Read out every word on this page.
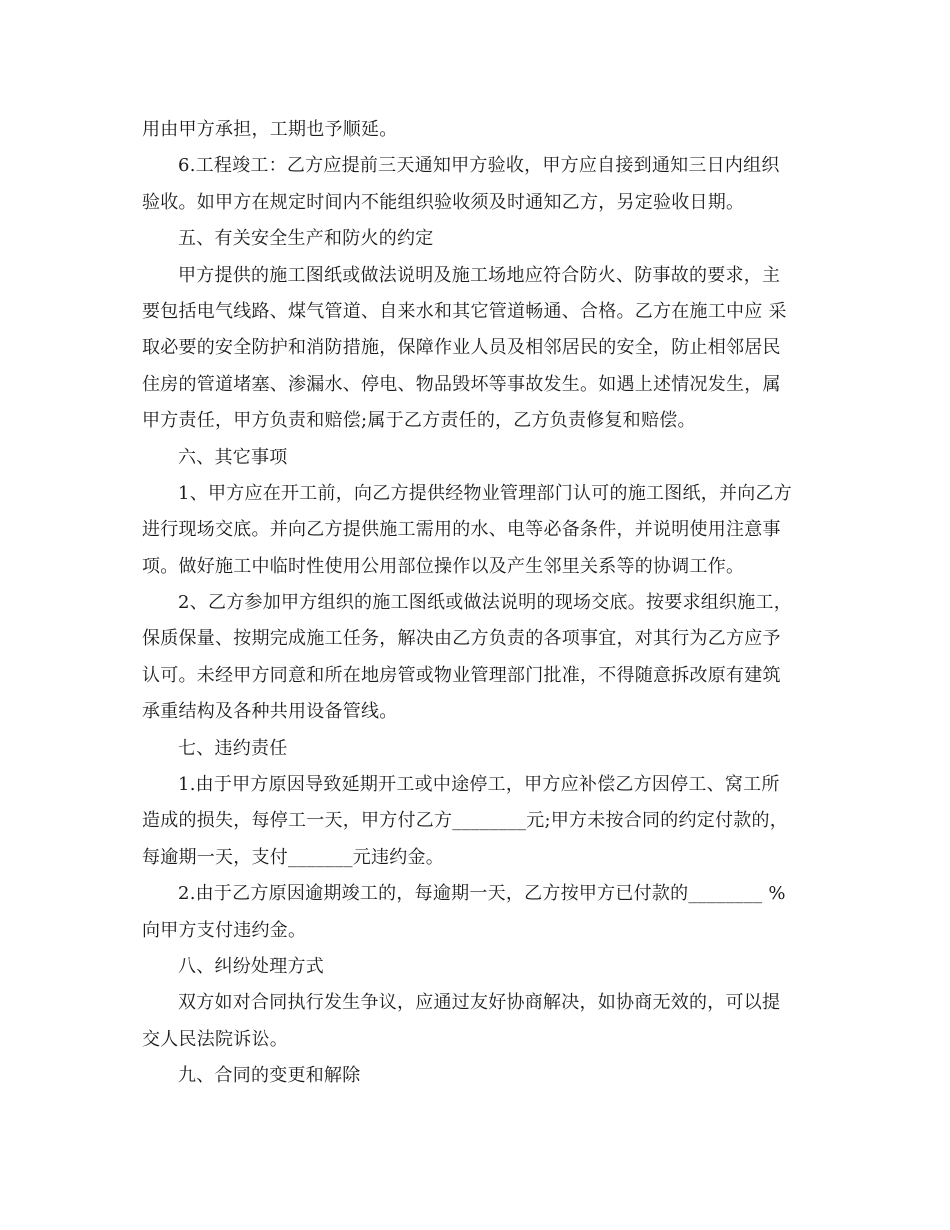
用由甲方承担，工期也予顺延。
6.工程竣工：乙方应提前三天通知甲方验收，甲方应自接到通知三日内组织
验收。如甲方在规定时间内不能组织验收须及时通知乙方，另定验收日期。
五、有关安全生产和防火的约定
甲方提供的施工图纸或做法说明及施工场地应符合防火、防事故的要求，主
要包括电气线路、煤气管道、自来水和其它管道畅通、合格。乙方在施工中应 采
取必要的安全防护和消防措施，保障作业人员及相邻居民的安全，防止相邻居民
住房的管道堵塞、渗漏水、停电、物品毁坏等事故发生。如遇上述情况发生，属
甲方责任，甲方负责和赔偿;属于乙方责任的，乙方负责修复和赔偿。
六、其它事项
1、甲方应在开工前，向乙方提供经物业管理部门认可的施工图纸，并向乙方
进行现场交底。并向乙方提供施工需用的水、电等必备条件，并说明使用注意事
项。做好施工中临时性使用公用部位操作以及产生邻里关系等的协调工作。
2、乙方参加甲方组织的施工图纸或做法说明的现场交底。按要求组织施工，
保质保量、按期完成施工任务，解决由乙方负责的各项事宜，对其行为乙方应予
认可。未经甲方同意和所在地房管或物业管理部门批准，不得随意拆改原有建筑
承重结构及各种共用设备管线。
七、违约责任
1.由于甲方原因导致延期开工或中途停工，甲方应补偿乙方因停工、窝工所
造成的损失，每停工一天，甲方付乙方________元;甲方未按合同的约定付款的，
每逾期一天，支付_______元违约金。
2.由于乙方原因逾期竣工的，每逾期一天，乙方按甲方已付款的________ %
向甲方支付违约金。
八、纠纷处理方式
双方如对合同执行发生争议，应通过友好协商解决，如协商无效的，可以提
交人民法院诉讼。
九、合同的变更和解除
